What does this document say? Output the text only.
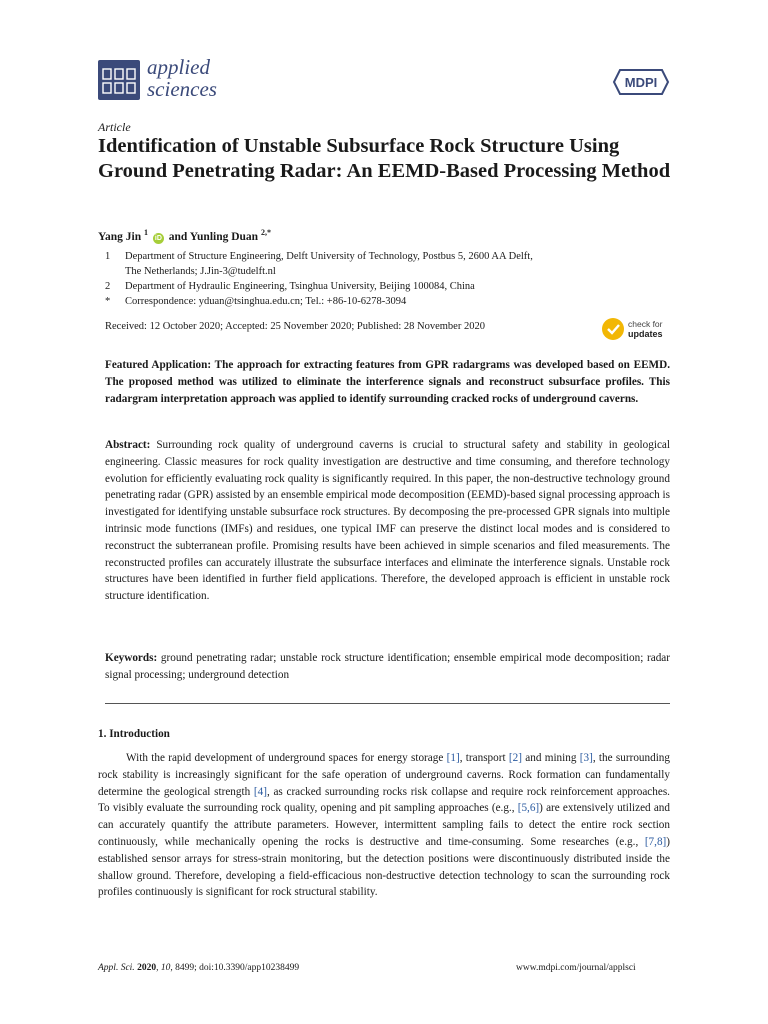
applied
sciences	MDPI
Article
Identification of Unstable Subsurface Rock Structure Using Ground Penetrating Radar: An EEMD-Based Processing Method
Yang Jin $^1$ iD and Yunling Duan $^{2,*}$
1 Department of Structure Engineering, Delft University of Technology, Postbus 5, 2600 AA Delft,
The Netherlands; J.Jin-3@tudelft.nl
2 Department of Hydraulic Engineering, Tsinghua University, Beijing 100084, China
* Correspondence: yduan@tsinghua.edu.cn; Tel.: +86-10-6278-3094
Received: 12 October 2020; Accepted: 25 November 2020; Published: 28 November 2020	check for
updates
Featured Application: The approach for extracting features from GPR radargrams was developed based on EEMD. The proposed method was utilized to eliminate the interference signals and reconstruct subsurface profiles. This radargram interpretation approach was applied to identify surrounding cracked rocks of underground caverns.
Abstract: Surrounding rock quality of underground caverns is crucial to structural safety and stability in geological engineering. Classic measures for rock quality investigation are destructive and time consuming, and therefore technology evolution for efficiently evaluating rock quality is significantly required. In this paper, the non-destructive technology ground penetrating radar (GPR) assisted by an ensemble empirical mode decomposition (EEMD)-based signal processing approach is investigated for identifying unstable subsurface rock structures. By decomposing the pre-processed GPR signals into multiple intrinsic mode functions (IMFs) and residues, one typical IMF can preserve the distinct local modes and is considered to reconstruct the subterranean profile. Promising results have been achieved in simple scenarios and filed measurements. The reconstructed profiles can accurately illustrate the subsurface interfaces and eliminate the interference signals. Unstable rock structures have been identified in further field applications. Therefore, the developed approach is efficient in unstable rock structure identification.
Keywords: ground penetrating radar; unstable rock structure identification; ensemble empirical mode decomposition; radar signal processing; underground detection
1. Introduction
With the rapid development of underground spaces for energy storage [1], transport [2] and mining [3], the surrounding rock stability is increasingly significant for the safe operation of underground caverns. Rock formation can fundamentally determine the geological strength [4], as cracked surrounding rocks risk collapse and require rock reinforcement approaches. To visibly evaluate the surrounding rock quality, opening and pit sampling approaches (e.g., [5,6]) are extensively utilized and can accurately quantify the attribute parameters. However, intermittent sampling fails to detect the entire rock section continuously, while mechanically opening the rocks is destructive and time-consuming. Some researches (e.g., [7,8]) established sensor arrays for stress-strain monitoring, but the detection positions were discontinuously distributed inside the shallow ground. Therefore, developing a field-efficacious non-destructive detection technology to scan the surrounding rock profiles continuously is significant for rock structural stability.
Appl. Sci. 2020, 10, 8499; doi:10.3390/app10238499	www.mdpi.com/journal/applsci
